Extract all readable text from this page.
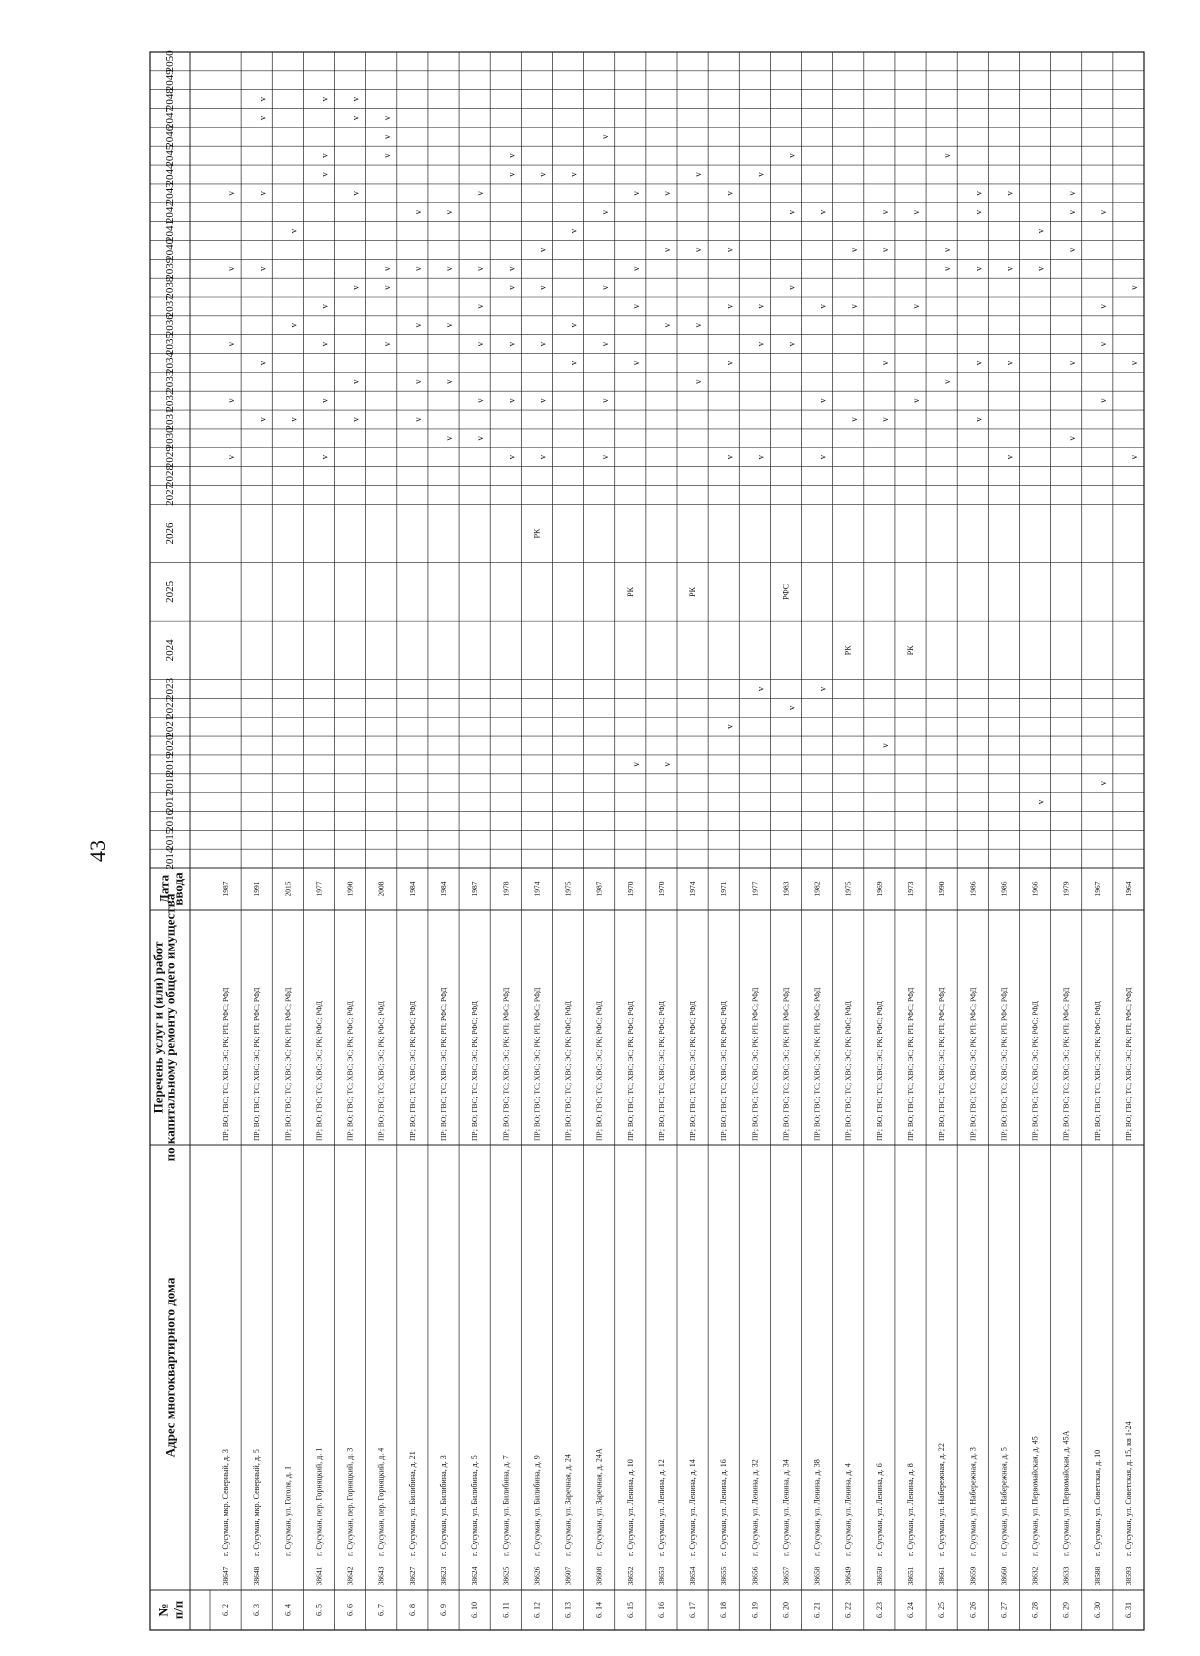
43
№ п/п
Адрес многоквартирного дома
Перечень услуг и (или) работ
по капитальному ремонту общего имущества
Дата ввода
2014
2015
2016
2017
2018
2019
2020
2021
2022
2023
2024
2025
2026
2027
2028
2029
2030
2031
2032
2033
2034
2035
2036
2037
2038
2039
2040
2041
2042
2043
2044
2045
2046
2047
2048
2049
2050
6. 2
38647
г. Сусуман, мкр. Северный, д. 3
ПР; ВО; ГВС; ТС; ХВС; ЭС; РК; РП; РФС; РФД
1987
v
v
v
v
v
6. 3
38648
г. Сусуман, мкр. Северный, д. 5
ПР; ВО; ГВС; ТС; ХВС; ЭС; РК; РП; РФС; РФД
1991
v
v
v
v
v
v
6. 4
г. Сусуман, ул. Гоголя, д. 1
ПР; ВО; ГВС; ТС; ХВС; ЭС; РК; РП; РФС; РФД
2015
v
v
v
6. 5
38641
г. Сусуман, пер. Горняцкий, д. 1
ПР; ВО; ГВС; ТС; ХВС; ЭС; РК; РФС; РФД
1977
v
v
v
v
v
v
v
6. 6
38642
г. Сусуман, пер. Горняцкий, д. 3
ПР; ВО; ГВС; ТС; ХВС; ЭС; РК; РФС; РФД
1990
v
v
v
v
v
v
6. 7
38643
г. Сусуман, пер. Горняцкий, д. 4
ПР; ВО; ГВС; ТС; ХВС; ЭС; РК; РФС; РФД
2008
v
v
v
v
v
v
6. 8
38627
г. Сусуман, ул. Билибина, д. 21
ПР; ВО; ГВС; ТС; ХВС; ЭС; РК; РФС; РФД
1984
v
v
v
v
v
6. 9
38623
г. Сусуман, ул. Билибина, д. 3
ПР; ВО; ГВС; ТС; ХВС; ЭС; РК; РП; РФС; РФД
1984
v
v
v
v
v
6. 10
38624
г. Сусуман, ул. Билибина, д. 5
ПР; ВО; ГВС; ТС; ХВС; ЭС; РК; РФС; РФД
1987
v
v
v
v
v
v
6. 11
38625
г. Сусуман, ул. Билибина, д. 7
ПР; ВО; ГВС; ТС; ХВС; ЭС; РК; РП; РФС; РФД
1978
v
v
v
v
v
v
v
6. 12
38626
г. Сусуман, ул. Билибина, д. 9
ПР; ВО; ГВС; ТС; ХВС; ЭС; РК; РП; РФС; РФД
1974
РК
v
v
v
v
v
v
6. 13
38607
г. Сусуман, ул. Заречная, д. 24
ПР; ВО; ГВС; ТС; ХВС; ЭС; РК; РФС; РФД
1975
v
v
v
v
6. 14
38608
г. Сусуман, ул. Заречная, д. 24А
ПР; ВО; ГВС; ТС; ХВС; ЭС; РК; РФС; РФД
1987
v
v
v
v
v
v
6. 15
38652
г. Сусуман, ул. Ленина, д. 10
ПР; ВО; ГВС; ТС; ХВС; ЭС; РК; РФС; РФД
1970
РК
v
v
v
v
v
6. 16
38653
г. Сусуман, ул. Ленина, д. 12
ПР; ВО; ГВС; ТС; ХВС; ЭС; РК; РФС; РФД
1970
v
v
v
v
6. 17
38654
г. Сусуман, ул. Ленина, д. 14
ПР; ВО; ГВС; ТС; ХВС; ЭС; РК; РФС; РФД
1974
РК
v
v
v
v
6. 18
38655
г. Сусуман, ул. Ленина, д. 16
ПР; ВО; ГВС; ТС; ХВС; ЭС; РК; РФС; РФД
1971
v
v
v
v
v
v
6. 19
38656
г. Сусуман, ул. Ленина, д. 32
ПР; ВО; ГВС; ТС; ХВС; ЭС; РК; РП; РФС; РФД
1977
v
v
v
v
v
6. 20
38657
г. Сусуман, ул. Ленина, д. 34
ПР; ВО; ГВС; ТС; ХВС; ЭС; РК; РП; РФС; РФД
1983
РФС
v
v
v
v
v
6. 21
38658
г. Сусуман, ул. Ленина, д. 38
ПР; ВО; ГВС; ТС; ХВС; ЭС; РК; РП; РФС; РФД
1982
v
v
v
v
v
6. 22
38649
г. Сусуман, ул. Ленина, д. 4
ПР; ВО; ГВС; ТС; ХВС; ЭС; РК; РФС; РФД
1975
РК
v
v
v
6. 23
38650
г. Сусуман, ул. Ленина, д. 6
ПР; ВО; ГВС; ТС; ХВС; ЭС; РК; РФС; РФД
1969
v
v
v
v
v
6. 24
38651
г. Сусуман, ул. Ленина, д. 8
ПР; ВО; ГВС; ТС; ХВС; ЭС; РК; РП; РФС; РФД
1973
РК
v
v
v
6. 25
38661
г. Сусуман, ул. Набережная, д. 22
ПР; ВО; ГВС; ТС; ХВС; ЭС; РК; РП; РФС; РФД
1990
v
v
v
v
6. 26
38659
г. Сусуман, ул. Набережная, д. 3
ПР; ВО; ГВС; ТС; ХВС; ЭС; РК; РП; РФС; РФД
1986
v
v
v
v
v
6. 27
38660
г. Сусуман, ул. Набережная, д. 5
ПР; ВО; ГВС; ТС; ХВС; ЭС; РК; РП; РФС; РФД
1986
v
v
v
v
6. 28
38632
г. Сусуман, ул. Первомайская, д. 45
ПР; ВО; ГВС; ТС; ХВС; ЭС; РК; РФС; РФД
1966
v
v
v
6. 29
38633
г. Сусуман, ул. Первомайская, д. 45А
ПР; ВО; ГВС; ТС; ХВС; ЭС; РК; РП; РФС; РФД
1979
v
v
v
v
v
6. 30
38588
г. Сусуман, ул. Советская, д. 10
ПР; ВО; ГВС; ТС; ХВС; ЭС; РК; РФС; РФД
1967
v
v
v
v
v
6. 31
38593
г. Сусуман, ул. Советская, д. 15, кв 1-24
ПР; ВО; ГВС; ТС; ХВС; ЭС; РК; РП; РФС; РФД
1964
v
v
v
